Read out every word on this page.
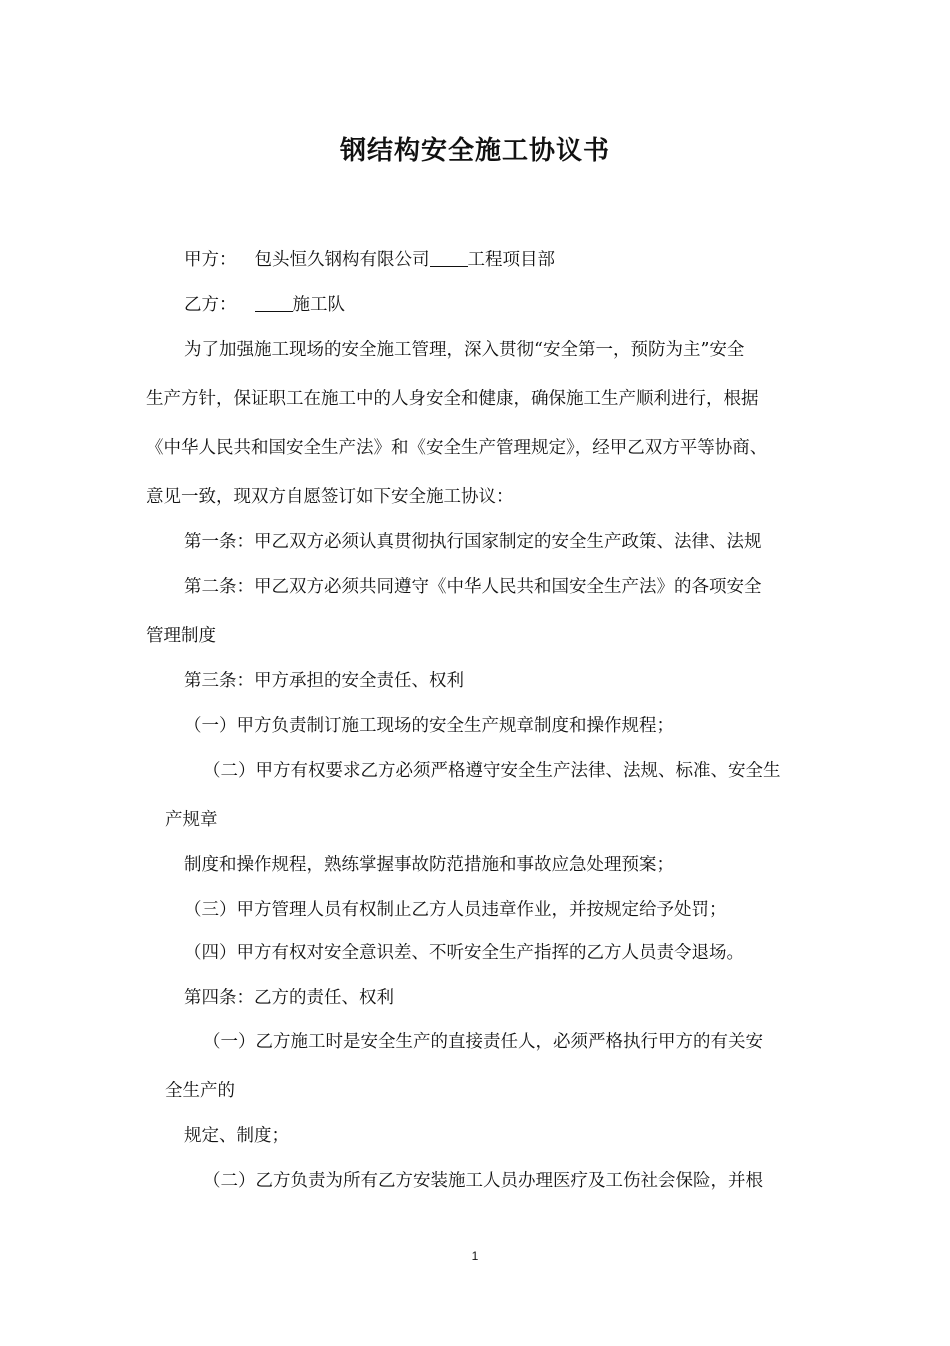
钢结构安全施工协议书
甲方： 包头恒久钢构有限公司 工程项目部
乙方：	施工队
为了加强施工现场的安全施工管理，深入贯彻“安全第一，预防为主”安全
生产方针，保证职工在施工中的人身安全和健康，确保施工生产顺利进行，根据
《中华人民共和国安全生产法》和《安全生产管理规定》，经甲乙双方平等协商、
意见一致，现双方自愿签订如下安全施工协议：
第一条：甲乙双方必须认真贯彻执行国家制定的安全生产政策、法律、法规
第二条：甲乙双方必须共同遵守《中华人民共和国安全生产法》的各项安全
管理制度
第三条：甲方承担的安全责任、权利
（一）甲方负责制订施工现场的安全生产规章制度和操作规程；
（二）甲方有权要求乙方必须严格遵守安全生产法律、法规、标准、安全生
产规章
制度和操作规程，熟练掌握事故防范措施和事故应急处理预案；
（三）甲方管理人员有权制止乙方人员违章作业，并按规定给予处罚；
（四）甲方有权对安全意识差、不听安全生产指挥的乙方人员责令退场。
第四条：乙方的责任、权利
（一）乙方施工时是安全生产的直接责任人，必须严格执行甲方的有关安
全生产的
规定、制度；
（二）乙方负责为所有乙方安装施工人员办理医疗及工伤社会保险，并根
1
